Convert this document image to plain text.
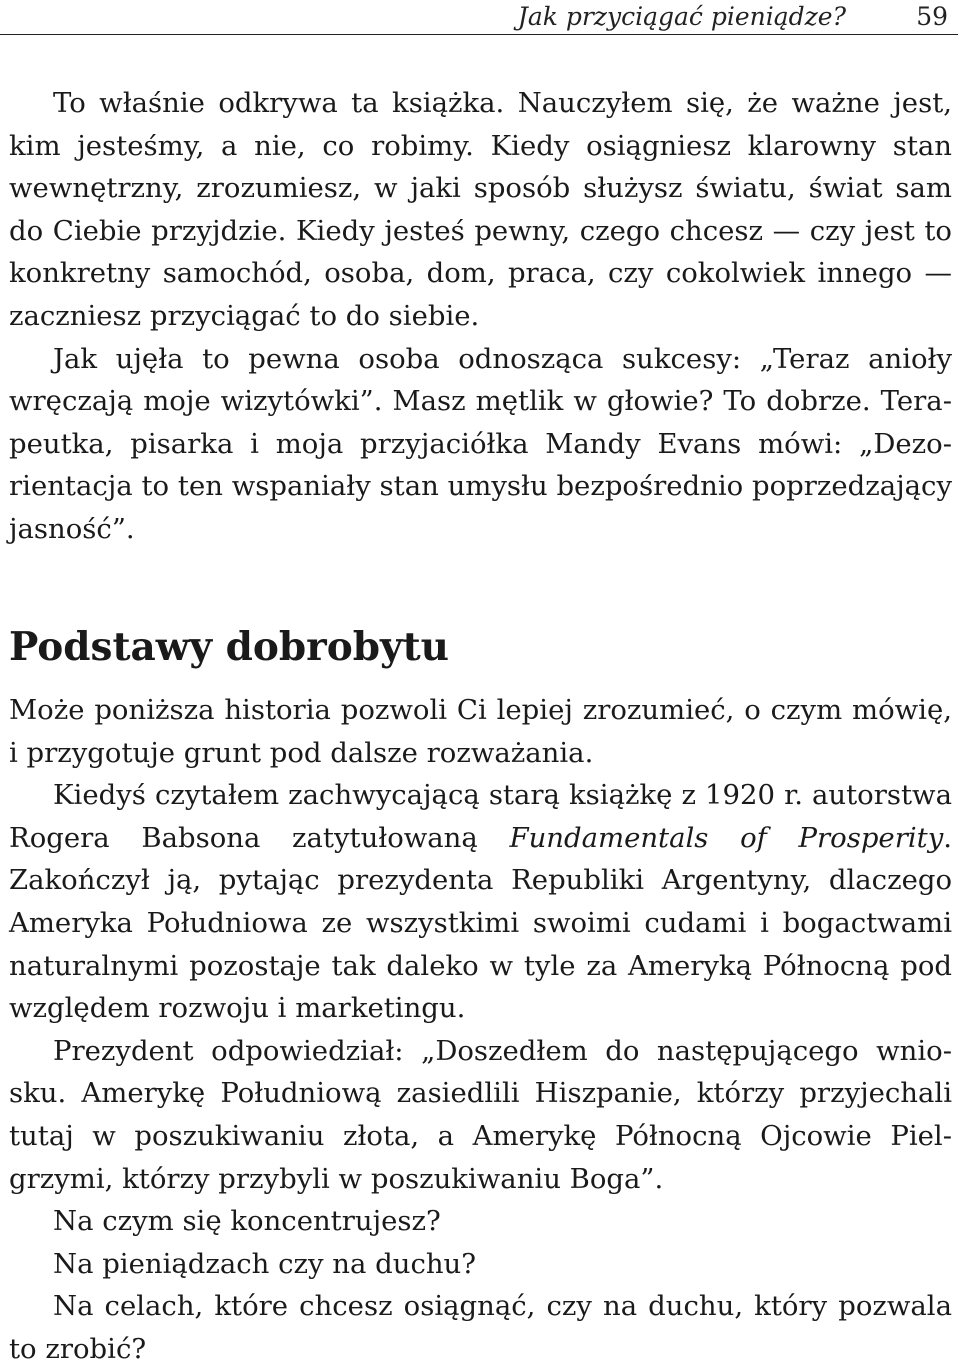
Jak przyciągać pieniądze?	59

To właśnie odkrywa ta książka. Nauczyłem się, że ważne jest, kim jesteśmy, a nie, co robimy. Kiedy osiągniesz klarowny stan wewnętrzny, zrozumiesz, w jaki sposób służysz światu, świat sam do Ciebie przyjdzie. Kiedy jesteś pewny, czego chcesz — czy jest to konkretny samochód, osoba, dom, praca, czy cokolwiek innego — zaczniesz przyciągać to do siebie.

Jak ujęła to pewna osoba odnosząca sukcesy: „Teraz anioły wręczają moje wizytówki”. Masz mętlik w głowie? To dobrze. Terapeutka, pisarka i moja przyjaciółka Mandy Evans mówi: „Dezorientacja to ten wspaniały stan umysłu bezpośrednio poprzedzający jasność”.

Podstawy dobrobytu

Może poniższa historia pozwoli Ci lepiej zrozumieć, o czym mówię, i przygotuje grunt pod dalsze rozważania.

Kiedyś czytałem zachwycającą starą książkę z 1920 r. autorstwa Rogera Babsona zatytułowaną Fundamentals of Prosperity. Zakończył ją, pytając prezydenta Republiki Argentyny, dlaczego Ameryka Południowa ze wszystkimi swoimi cudami i bogactwami naturalnymi pozostaje tak daleko w tyle za Ameryką Północną pod względem rozwoju i marketingu.

Prezydent odpowiedział: „Doszedłem do następującego wniosku. Amerykę Południową zasiedlili Hiszpanie, którzy przyjechali tutaj w poszukiwaniu złota, a Amerykę Północną Ojcowie Pielgrzymi, którzy przybyli w poszukiwaniu Boga”.

Na czym się koncentrujesz?

Na pieniądzach czy na duchu?

Na celach, które chcesz osiągnąć, czy na duchu, który pozwala to zrobić?
